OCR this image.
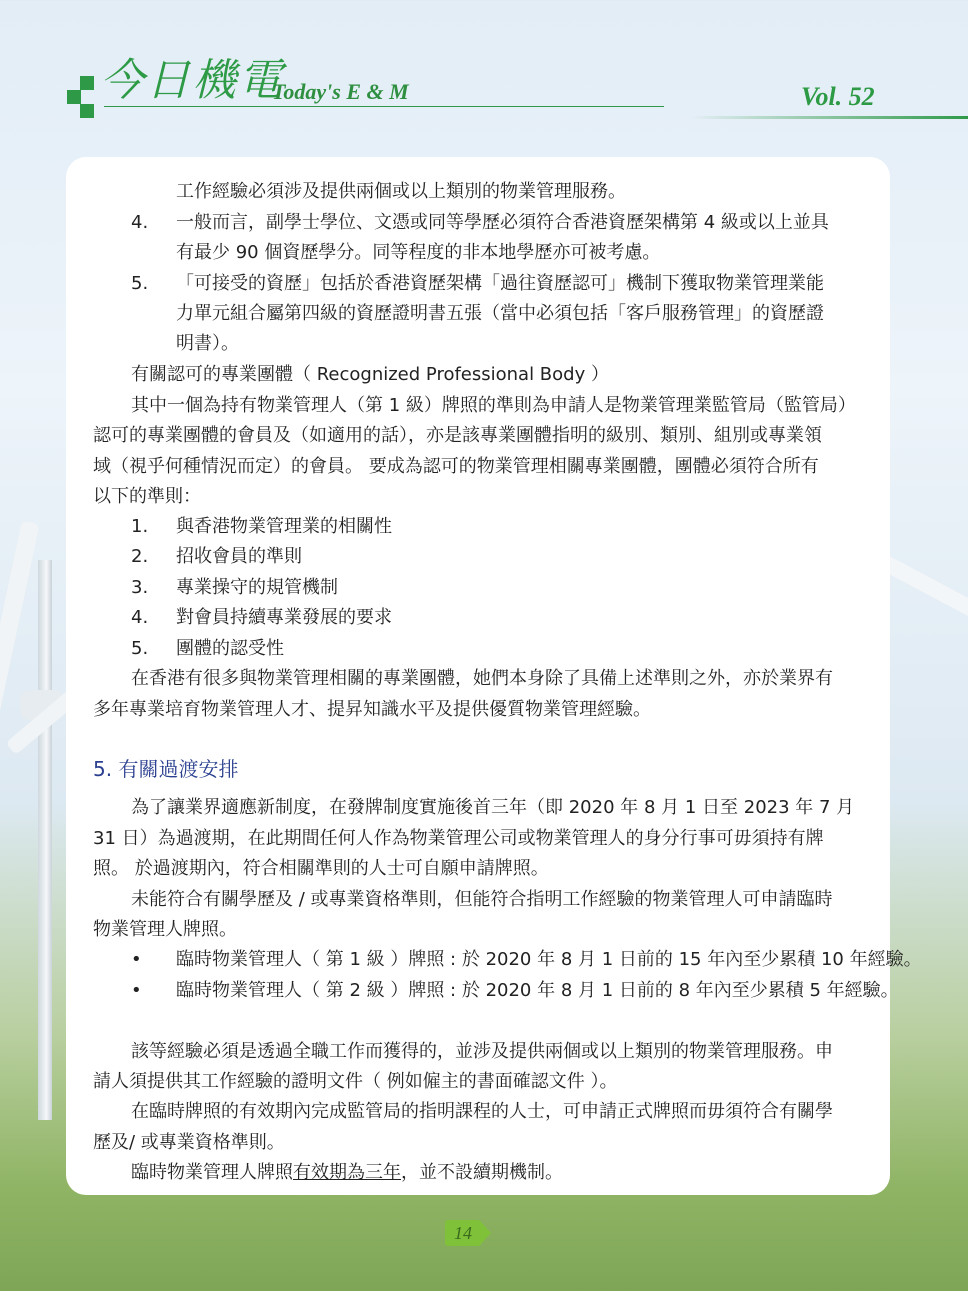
今日機電
Today's E & M	Vol. 52
工作經驗必須涉及提供兩個或以上類別的物業管理服務。
4. 一般而言，副學士學位、文憑或同等學歷必須符合香港資歷架構第 4 級或以上並具
有最少 90 個資歷學分。同等程度的非本地學歷亦可被考慮。
5. 「可接受的資歷」包括於香港資歷架構「過往資歷認可」機制下獲取物業管理業能
力單元組合屬第四級的資歷證明書五張（當中必須包括「客戶服務管理」的資歷證
明書）。
有關認可的專業團體（ Recognized Professional Body ）
其中一個為持有物業管理人（第 1 級）牌照的準則為申請人是物業管理業監管局（監管局）
認可的專業團體的會員及（如適用的話），亦是該專業團體指明的級別、類別、組別或專業領
域（視乎何種情況而定）的會員。 要成為認可的物業管理相關專業團體，團體必須符合所有
以下的準則：
1. 與香港物業管理業的相關性
2. 招收會員的準則
3. 專業操守的規管機制
4. 對會員持續專業發展的要求
5. 團體的認受性
在香港有很多與物業管理相關的專業團體，她們本身除了具備上述準則之外，亦於業界有
多年專業培育物業管理人才、提昇知識水平及提供優質物業管理經驗。
5. 有關過渡安排
為了讓業界適應新制度，在發牌制度實施後首三年（即 2020 年 8 月 1 日至 2023 年 7 月
31 日）為過渡期，在此期間任何人作為物業管理公司或物業管理人的身分行事可毋須持有牌
照。 於過渡期內，符合相關準則的人士可自願申請牌照。
未能符合有關學歷及 / 或專業資格準則，但能符合指明工作經驗的物業管理人可申請臨時
物業管理人牌照。
• 臨時物業管理人（ 第 1 級 ）牌照 : 於 2020 年 8 月 1 日前的 15 年內至少累積 10 年經驗。
• 臨時物業管理人（ 第 2 級 ）牌照 : 於 2020 年 8 月 1 日前的 8 年內至少累積 5 年經驗。
該等經驗必須是透過全職工作而獲得的，並涉及提供兩個或以上類別的物業管理服務。申
請人須提供其工作經驗的證明文件（ 例如僱主的書面確認文件 ）。
在臨時牌照的有效期內完成監管局的指明課程的人士，可申請正式牌照而毋須符合有關學
歷及/ 或專業資格準則。
臨時物業管理人牌照有效期為三年，並不設續期機制。
14
